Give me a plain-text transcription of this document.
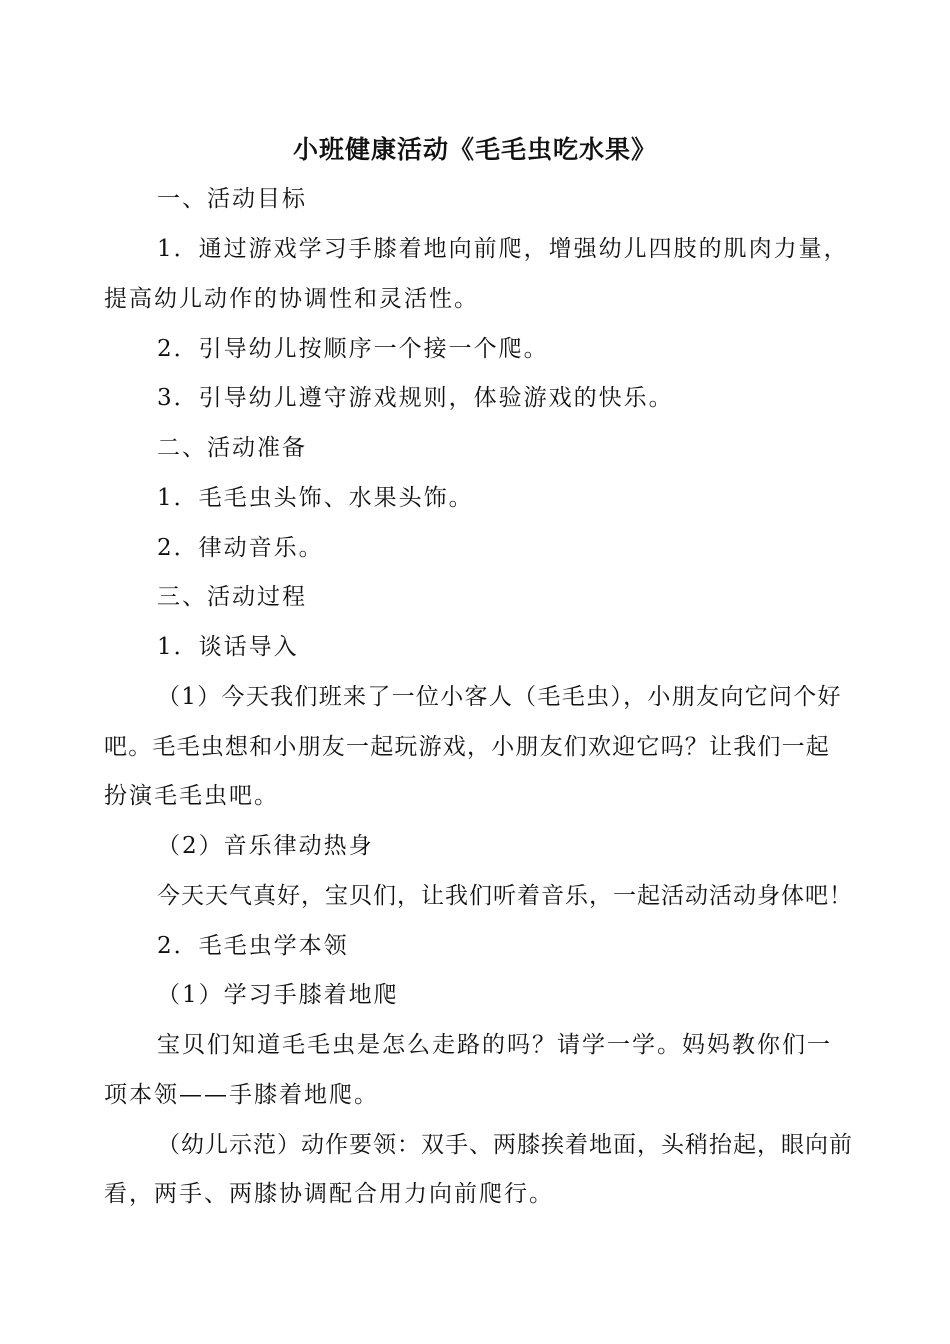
小班健康活动《毛毛虫吃水果》
一、活动目标
1．通过游戏学习手膝着地向前爬，增强幼儿四肢的肌肉力量，
提高幼儿动作的协调性和灵活性。
2．引导幼儿按顺序一个接一个爬。
3．引导幼儿遵守游戏规则，体验游戏的快乐。
二、活动准备
1．毛毛虫头饰、水果头饰。
2．律动音乐。
三、活动过程
1．谈话导入
（1）今天我们班来了一位小客人（毛毛虫），小朋友向它问个好
吧。毛毛虫想和小朋友一起玩游戏，小朋友们欢迎它吗？让我们一起
扮演毛毛虫吧。
（2）音乐律动热身
今天天气真好，宝贝们，让我们听着音乐，一起活动活动身体吧！
2．毛毛虫学本领
（1）学习手膝着地爬
宝贝们知道毛毛虫是怎么走路的吗？请学一学。妈妈教你们一
项本领——手膝着地爬。
（幼儿示范）动作要领：双手、两膝挨着地面，头稍抬起，眼向前
看，两手、两膝协调配合用力向前爬行。
